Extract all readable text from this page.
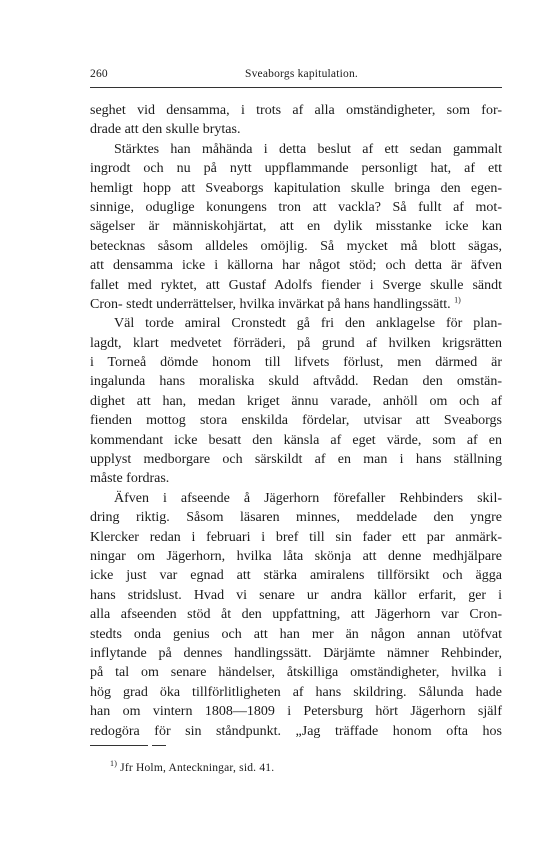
260	Sveaborgs kapitulation.
seghet vid densamma, i trots af alla omständigheter, som for-
drade att den skulle brytas.
Stärktes han måhända i detta beslut af ett sedan gammalt
ingrodt och nu på nytt uppflammande personligt hat, af ett
hemligt hopp att Sveaborgs kapitulation skulle bringa den egen-
sinnige, oduglige konungens tron att vackla? Så fullt af mot-
sägelser är människohjärtat, att en dylik misstanke icke kan
betecknas såsom alldeles omöjlig. Så mycket må blott sägas,
att densamma icke i källorna har något stöd; och detta är äfven
fallet med ryktet, att Gustaf Adolfs fiender i Sverge skulle sändt
Cron- stedt underrättelser, hvilka invärkat på hans handlingssätt. $^{1)}$
Väl torde amiral Cronstedt gå fri den anklagelse för plan-
lagdt, klart medvetet förräderi, på grund af hvilken krigsrätten
i Torneå dömde honom till lifvets förlust, men därmed är
ingalunda hans moraliska skuld aftvådd. Redan den omstän-
dighet att han, medan kriget ännu varade, anhöll om och af
fienden mottog stora enskilda fördelar, utvisar att Sveaborgs
kommendant icke besatt den känsla af eget värde, som af en
upplyst medborgare och särskildt af en man i hans ställning
måste fordras.
Äfven i afseende å Jägerhorn förefaller Rehbinders skil-
dring riktig. Såsom läsaren minnes, meddelade den yngre
Klercker redan i februari i bref till sin fader ett par anmärk-
ningar om Jägerhorn, hvilka låta skönja att denne medhjälpare
icke just var egnad att stärka amiralens tillförsikt och ägga
hans stridslust. Hvad vi senare ur andra källor erfarit, ger i
alla afseenden stöd åt den uppfattning, att Jägerhorn var Cron-
stedts onda genius och att han mer än någon annan utöfvat
inflytande på dennes handlingssätt. Därjämte nämner Rehbinder,
på tal om senare händelser, åtskilliga omständigheter, hvilka i
hög grad öka tillförlitligheten af hans skildring. Sålunda hade
han om vintern 1808—1809 i Petersburg hört Jägerhorn själf
redogöra för sin ståndpunkt. „Jag träffade honom ofta hos
$^{1)}$ Jfr Holm, Anteckningar, sid. 41.
